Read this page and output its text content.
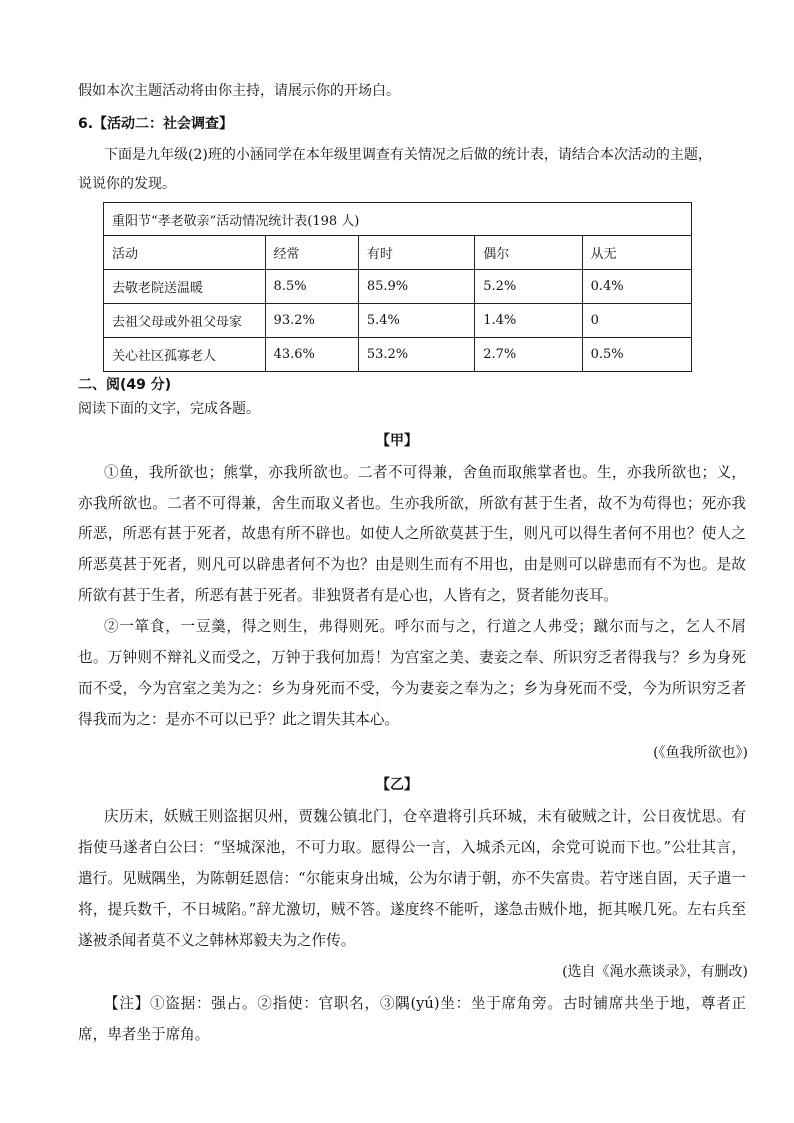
假如本次主题活动将由你主持，请展示你的开场白。
6.【活动二：社会调查】
下面是九年级(2)班的小涵同学在本年级里调查有关情况之后做的统计表，请结合本次活动的主题，
说说你的发现。
重阳节“孝老敬亲”活动情况统计表(198 人)				
活动	经常	有时	偶尔	从无
去敬老院送温暖	8.5%	85.9%	5.2%	0.4%
去祖父母或外祖父母家	93.2%	5.4%	1.4%	0
关心社区孤寡老人	43.6%	53.2%	2.7%	0.5%
二、阅(49 分)
阅读下面的文字，完成各题。
【甲】
①鱼，我所欲也；熊掌，亦我所欲也。二者不可得兼，舍鱼而取熊掌者也。生，亦我所欲也；义，
亦我所欲也。二者不可得兼，舍生而取义者也。生亦我所欲，所欲有甚于生者，故不为苟得也；死亦我
所恶，所恶有甚于死者，故患有所不辟也。如使人之所欲莫甚于生，则凡可以得生者何不用也？使人之
所恶莫甚于死者，则凡可以辟患者何不为也？由是则生而有不用也，由是则可以辟患而有不为也。是故
所欲有甚于生者，所恶有甚于死者。非独贤者有是心也，人皆有之，贤者能勿丧耳。
②一箪食，一豆羹，得之则生，弗得则死。呼尔而与之，行道之人弗受；蹴尔而与之，乞人不屑
也。万钟则不辩礼义而受之，万钟于我何加焉！为宫室之美、妻妾之奉、所识穷乏者得我与？乡为身死
而不受，今为宫室之美为之：乡为身死而不受，今为妻妾之奉为之；乡为身死而不受，今为所识穷乏者
得我而为之：是亦不可以已乎？此之谓失其本心。
(《鱼我所欲也》)
【乙】
庆历末，妖贼王则盗据贝州，贾魏公镇北门，仓卒遣将引兵环城，未有破贼之计，公日夜忧思。有
指使马遂者白公曰：“坚城深池，不可力取。愿得公一言，入城杀元凶，余党可说而下也。”公壮其言，
遣行。见贼隅坐，为陈朝廷恩信：“尔能束身出城，公为尔请于朝，亦不失富贵。若守迷自固，天子遣一
将，提兵数千，不日城陷。”辞尤激切，贼不答。遂度终不能听，遂急击贼仆地，扼其喉几死。左右兵至
遂被杀闻者莫不义之韩林郑毅夫为之作传。
(选自《渑水燕谈录》，有删改)
【注】①盗据：强占。②指使：官职名，③隅(yú)坐：坐于席角旁。古时铺席共坐于地，尊者正
席，卑者坐于席角。
